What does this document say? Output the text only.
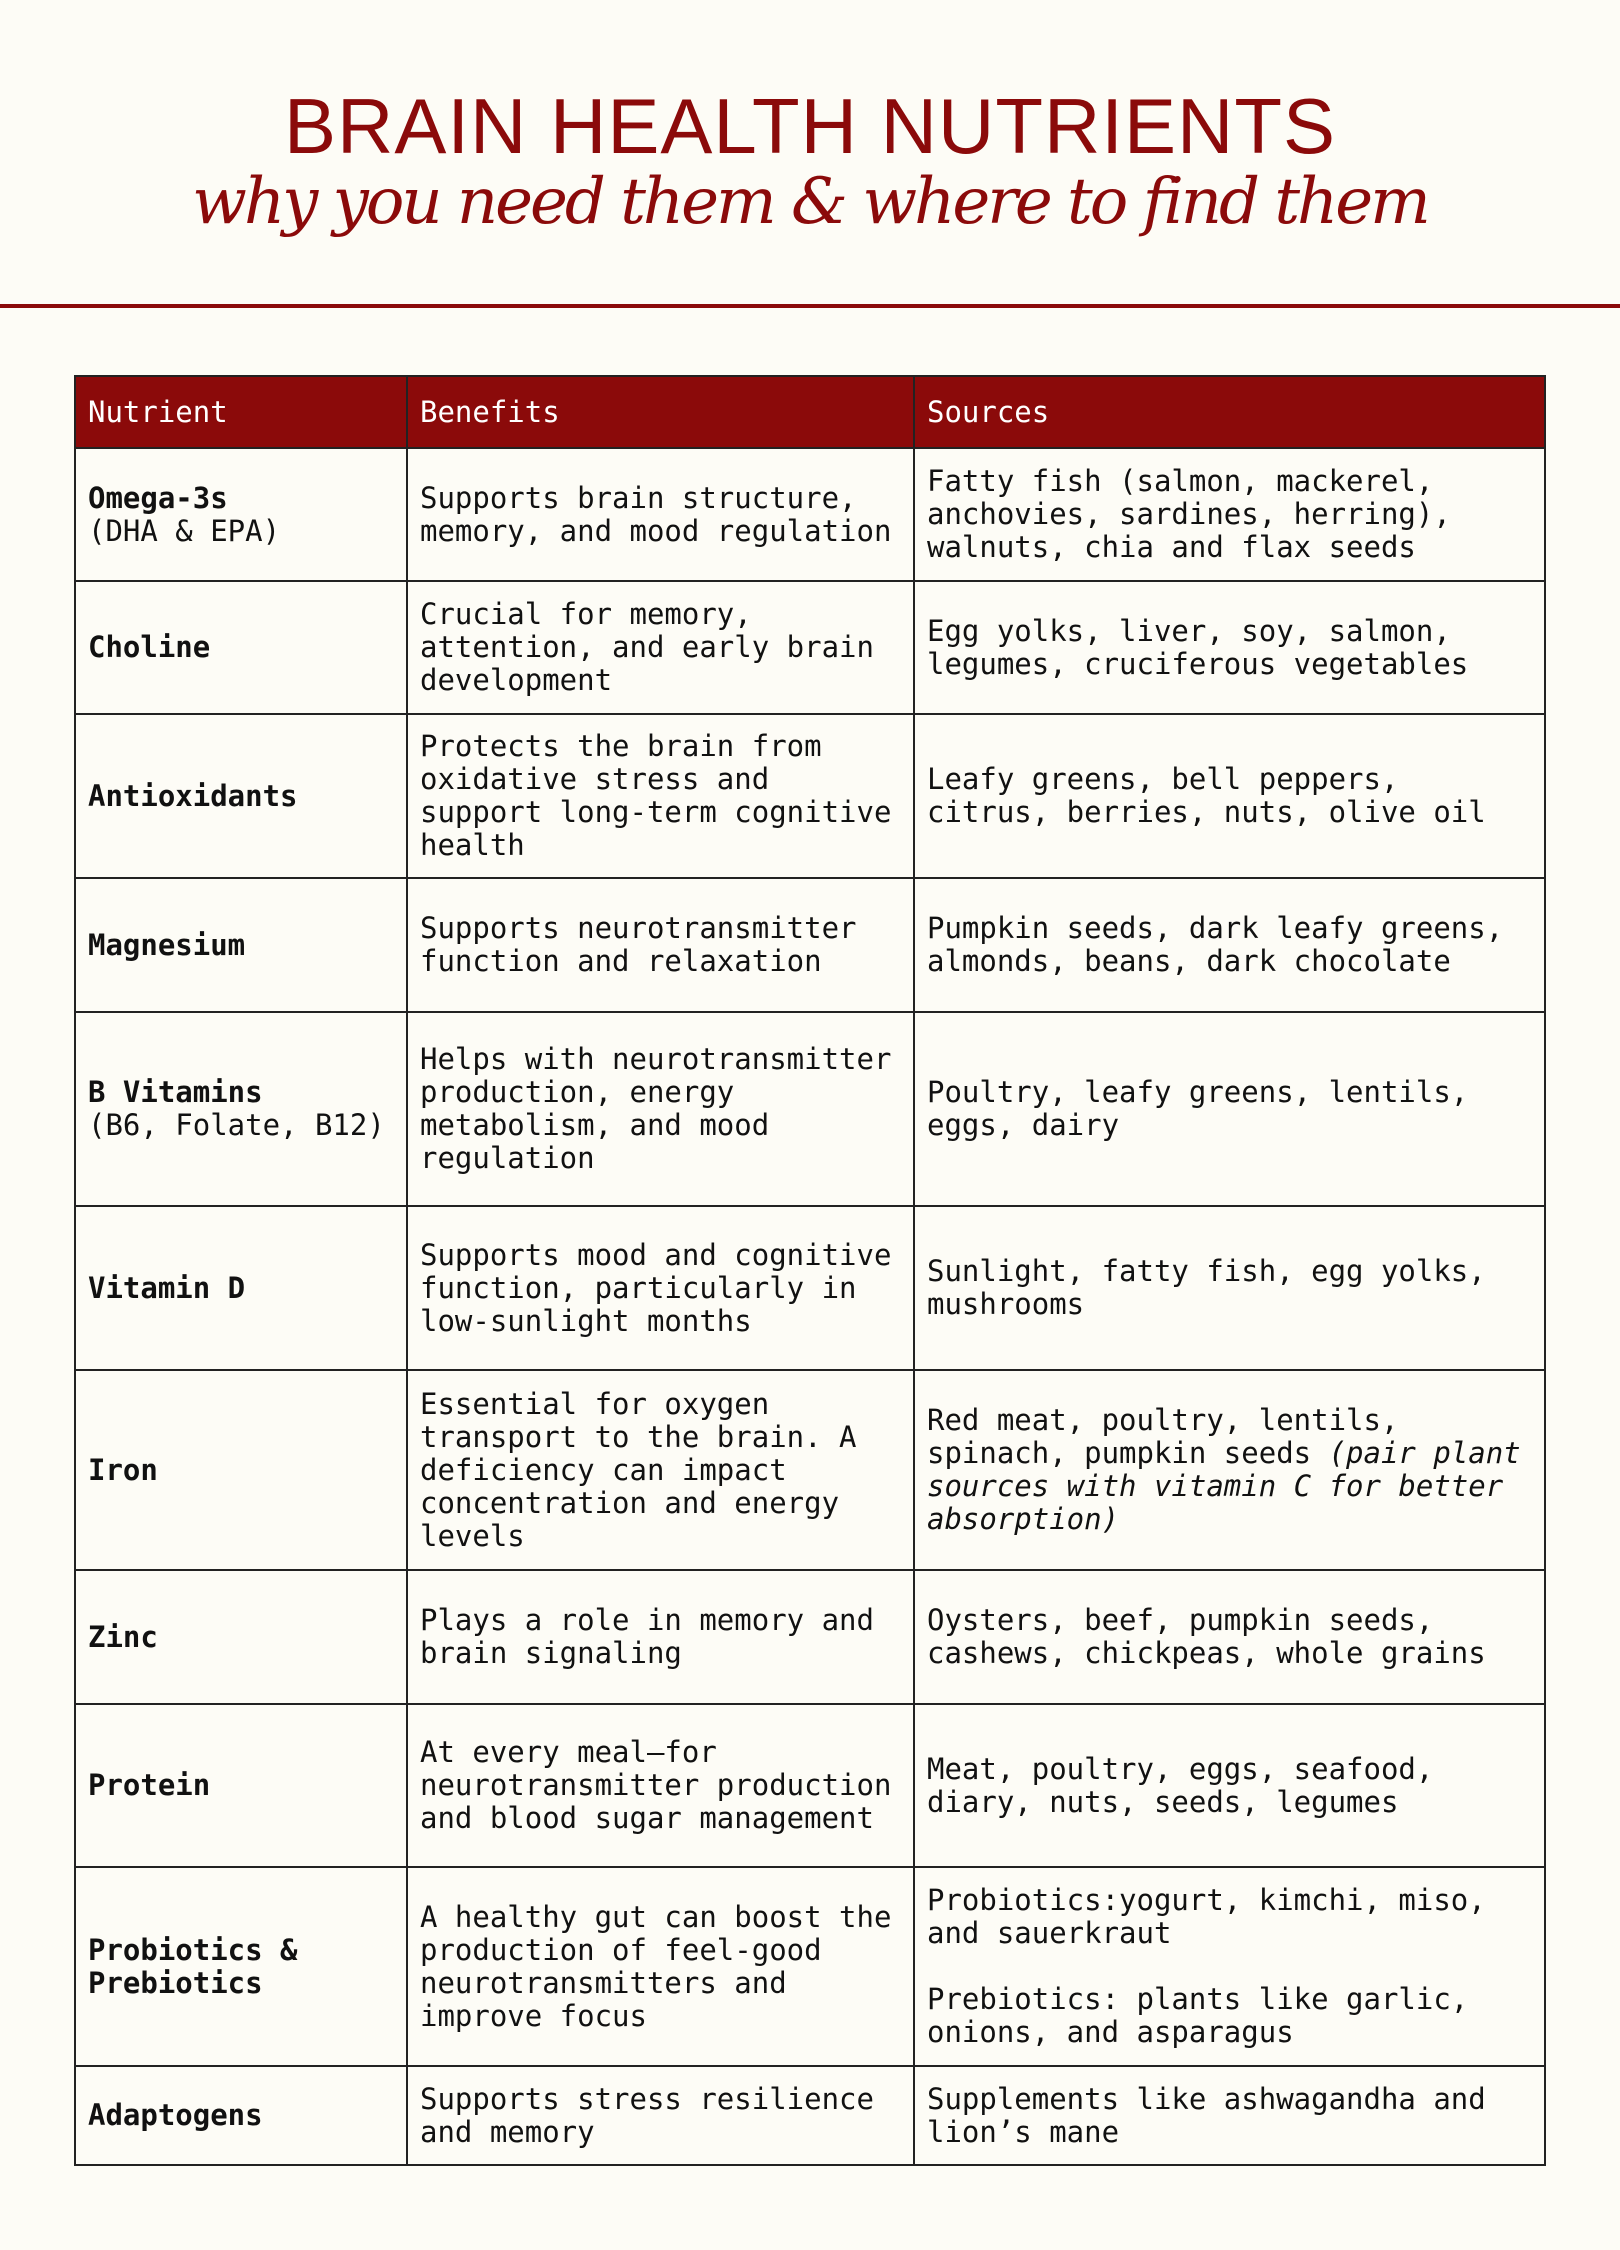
BRAIN HEALTH NUTRIENTS
why you need them & where to find them
Nutrient	Benefits	Sources

Omega-3s
(DHA & EPA)	Supports brain structure, memory, and mood regulation	Fatty fish (salmon, mackerel, anchovies, sardines, herring), walnuts, chia and flax seeds

Choline	Crucial for memory, attention, and early brain development	Egg yolks, liver, soy, salmon, legumes, cruciferous vegetables

Antioxidants	Protects the brain from oxidative stress and support long-term cognitive health	Leafy greens, bell peppers, citrus, berries, nuts, olive oil

Magnesium	Supports neurotransmitter function and relaxation	Pumpkin seeds, dark leafy greens, almonds, beans, dark chocolate

B Vitamins
(B6, Folate, B12)	Helps with neurotransmitter production, energy metabolism, and mood regulation	Poultry, leafy greens, lentils, eggs, dairy

Vitamin D	Supports mood and cognitive function, particularly in low-sunlight months	Sunlight, fatty fish, egg yolks, mushrooms

Iron	Essential for oxygen transport to the brain. A deficiency can impact concentration and energy levels	Red meat, poultry, lentils, spinach, pumpkin seeds (pair plant sources with vitamin C for better absorption)

Zinc	Plays a role in memory and brain signaling	Oysters, beef, pumpkin seeds, cashews, chickpeas, whole grains

Protein	At every meal—for neurotransmitter production and blood sugar management	Meat, poultry, eggs, seafood, diary, nuts, seeds, legumes

Probiotics & Prebiotics	A healthy gut can boost the production of feel-good neurotransmitters and improve focus	Probiotics:yogurt, kimchi, miso, and sauerkraut
Prebiotics: plants like garlic, onions, and asparagus

Adaptogens	Supports stress resilience and memory	Supplements like ashwagandha and lion’s mane
